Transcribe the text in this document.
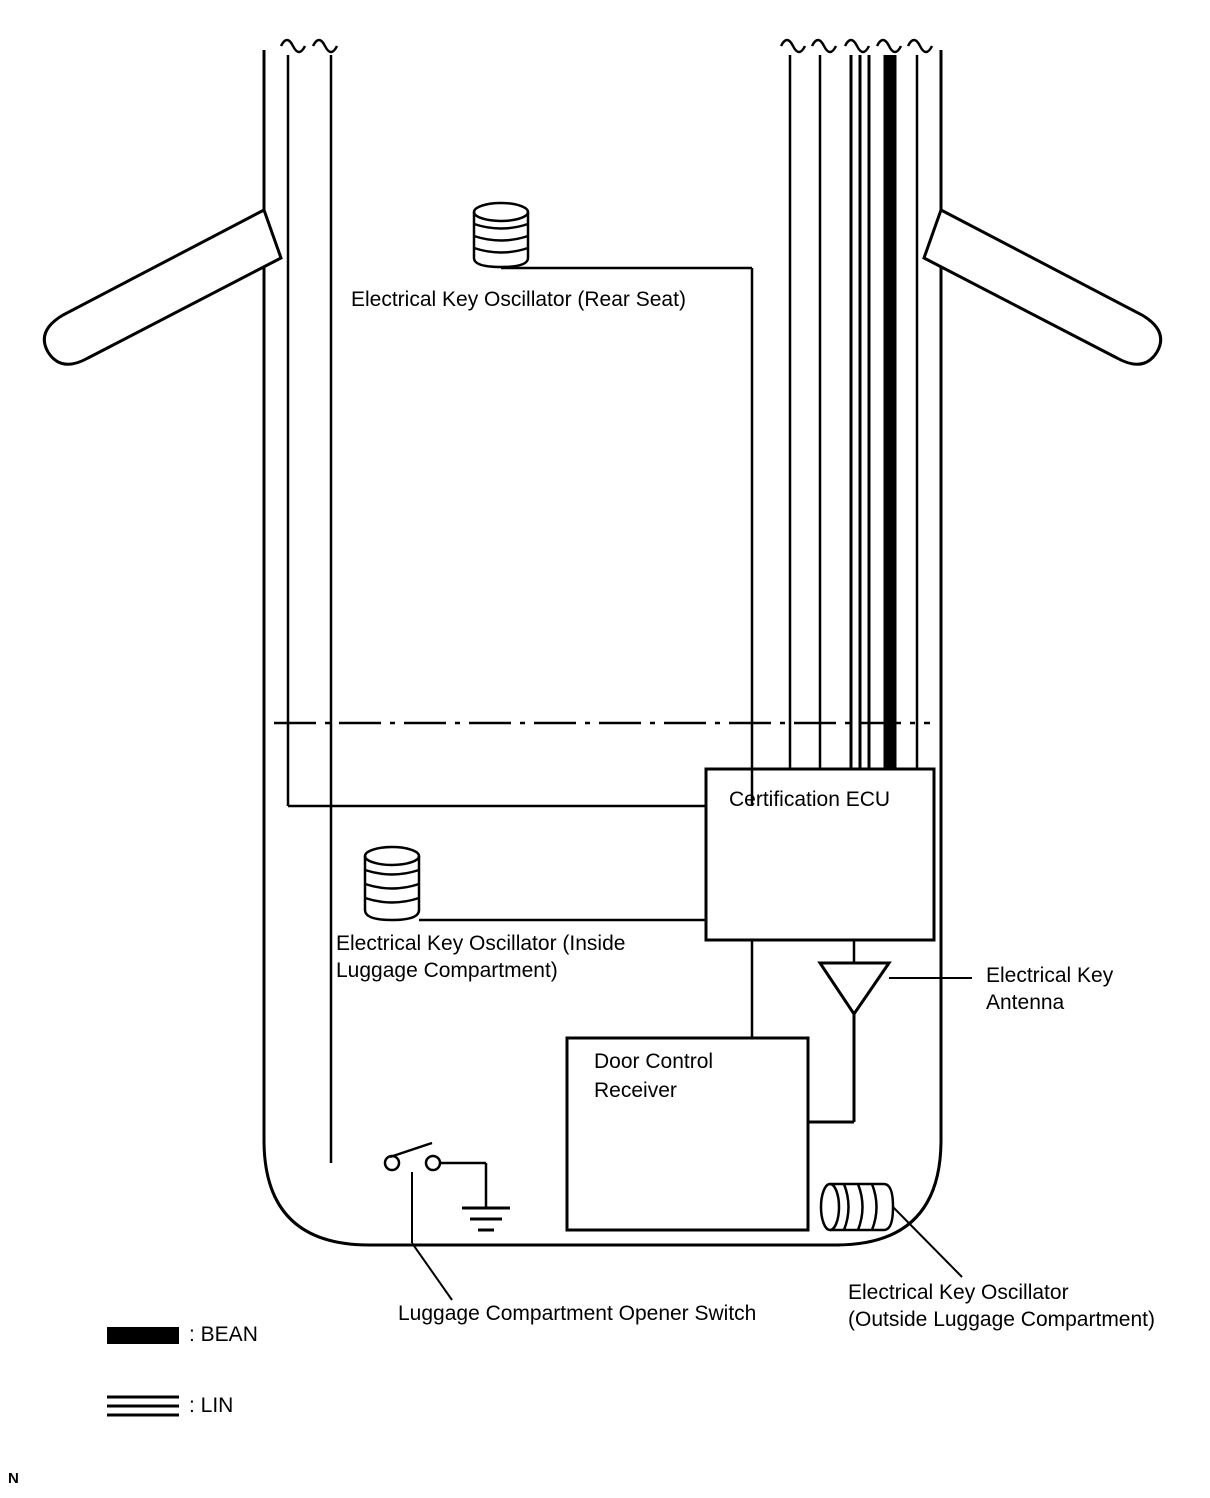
Electrical Key Oscillator (Rear Seat)
Electrical Key Oscillator (Inside
Luggage Compartment)
Certification ECU
Door Control
Receiver
Electrical Key
Antenna
Luggage Compartment Opener Switch
Electrical Key Oscillator
(Outside Luggage Compartment)
: BEAN
: LIN
N
